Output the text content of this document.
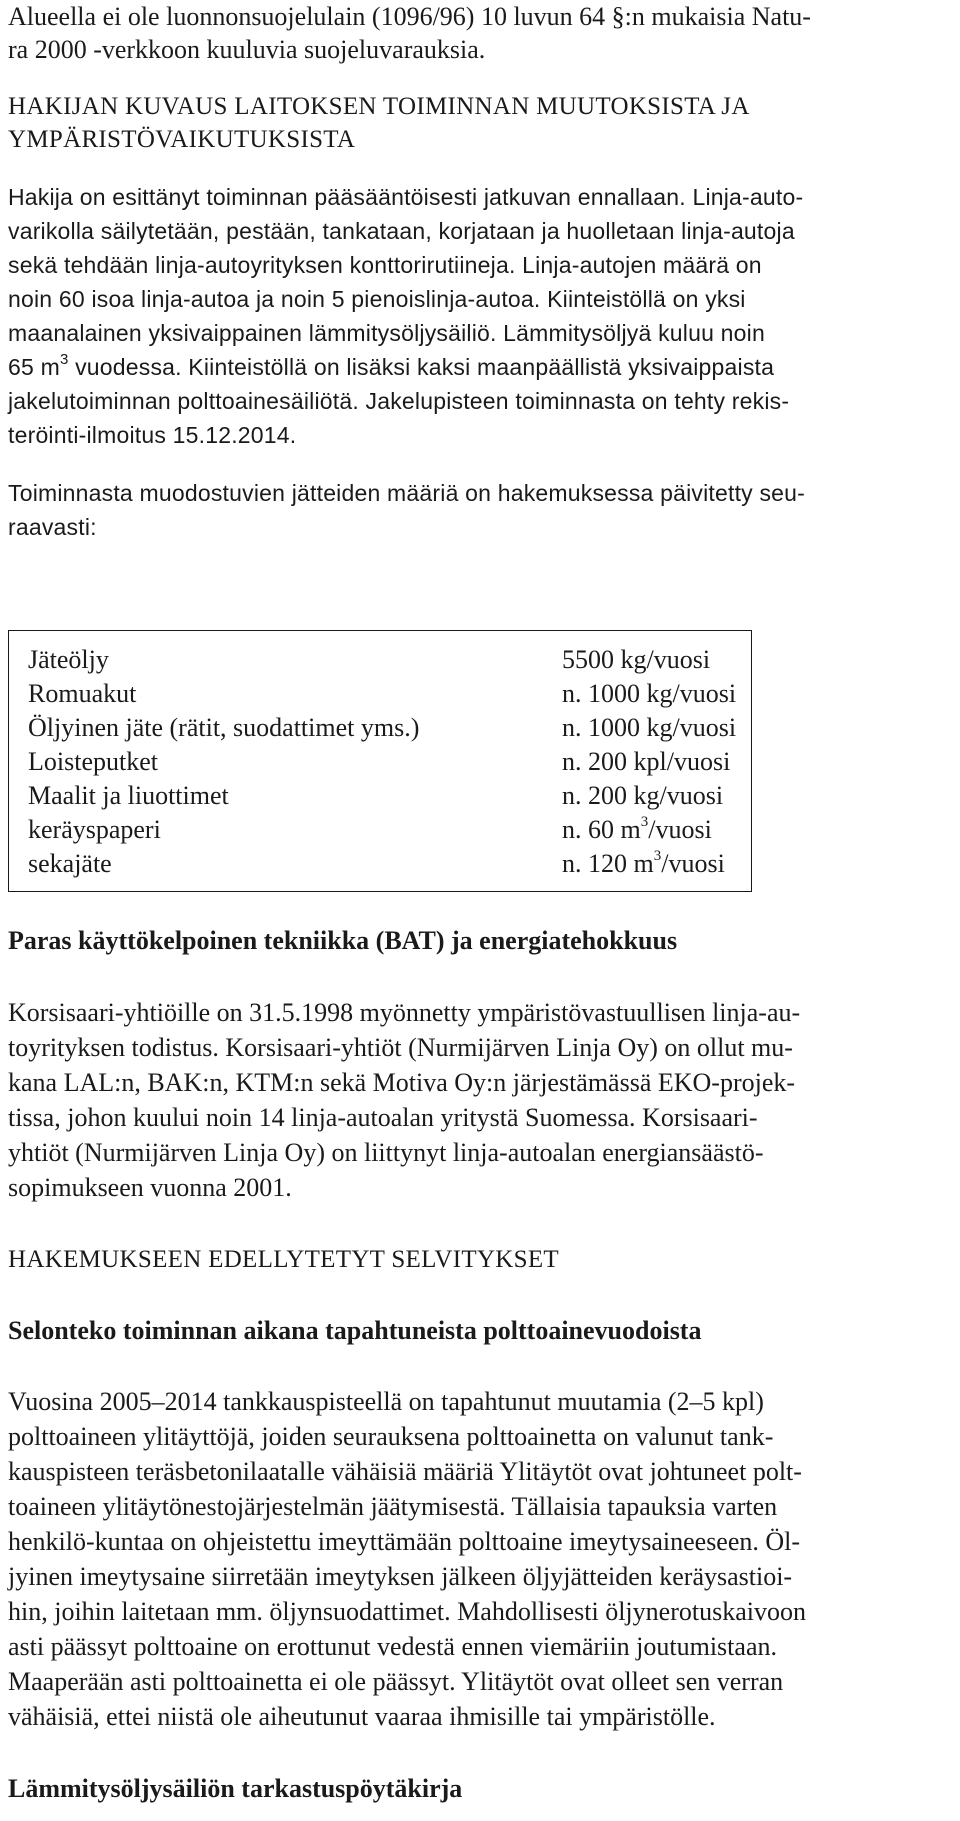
Alueella ei ole luonnonsuojelulain (1096/96) 10 luvun 64 §:n mukaisia Natu-
ra 2000 -verkkoon kuuluvia suojeluvarauksia.
HAKIJAN KUVAUS LAITOKSEN TOIMINNAN MUUTOKSISTA JA
YMPÄRISTÖVAIKUTUKSISTA
Hakija on esittänyt toiminnan pääsääntöisesti jatkuvan ennallaan. Linja-auto-
varikolla säilytetään, pestään, tankataan, korjataan ja huolletaan linja-autoja
sekä tehdään linja-autoyrityksen konttorirutiineja. Linja-autojen määrä on
noin 60 isoa linja-autoa ja noin 5 pienoislinja-autoa. Kiinteistöllä on yksi
maanalainen yksivaippainen lämmitysöljysäiliö. Lämmitysöljyä kuluu noin
65 $m^3$ vuodessa. Kiinteistöllä on lisäksi kaksi maanpäällistä yksivaippaista
jakelutoiminnan polttoainesäiliötä. Jakelupisteen toiminnasta on tehty rekis-
teröinti-ilmoitus 15.12.2014.
Toiminnasta muodostuvien jätteiden määriä on hakemuksessa päivitetty seu-
raavasti:
Jäteöljy	5500 kg/vuosi
Romuakut	n. 1000 kg/vuosi
Öljyinen jäte (rätit, suodattimet yms.)	n. 1000 kg/vuosi
Loisteputket	n. 200 kpl/vuosi
Maalit ja liuottimet	n. 200 kg/vuosi
keräyspaperi	n. 60 $m^3$/vuosi
sekajäte	n. 120 $m^3$/vuosi
Paras käyttökelpoinen tekniikka (BAT) ja energiatehokkuus
Korsisaari-yhtiöille on 31.5.1998 myönnetty ympäristövastuullisen linja-au-
toyrityksen todistus. Korsisaari-yhtiöt (Nurmijärven Linja Oy) on ollut mu-
kana LAL:n, BAK:n, KTM:n sekä Motiva Oy:n järjestämässä EKO-projek-
tissa, johon kuului noin 14 linja-autoalan yritystä Suomessa. Korsisaari-
yhtiöt (Nurmijärven Linja Oy) on liittynyt linja-autoalan energiansäästö-
sopimukseen vuonna 2001.
HAKEMUKSEEN EDELLYTETYT SELVITYKSET
Selonteko toiminnan aikana tapahtuneista polttoainevuodoista
Vuosina 2005–2014 tankkauspisteellä on tapahtunut muutamia (2–5 kpl)
polttoaineen ylitäyttöjä, joiden seurauksena polttoainetta on valunut tank-
kauspisteen teräsbetonilaatalle vähäisiä määriä Ylitäytöt ovat johtuneet polt-
toaineen ylitäytönestojärjestelmän jäätymisestä. Tällaisia tapauksia varten
henkilö-kuntaa on ohjeistettu imeyttämään polttoaine imeytysaineeseen. Öl-
jyinen imeytysaine siirretään imeytyksen jälkeen öljyjätteiden keräysastioi-
hin, joihin laitetaan mm. öljynsuodattimet. Mahdollisesti öljynerotuskaivoon
asti päässyt polttoaine on erottunut vedestä ennen viemäriin joutumistaan.
Maaperään asti polttoainetta ei ole päässyt. Ylitäytöt ovat olleet sen verran
vähäisiä, ettei niistä ole aiheutunut vaaraa ihmisille tai ympäristölle.
Lämmitysöljysäiliön tarkastuspöytäkirja
